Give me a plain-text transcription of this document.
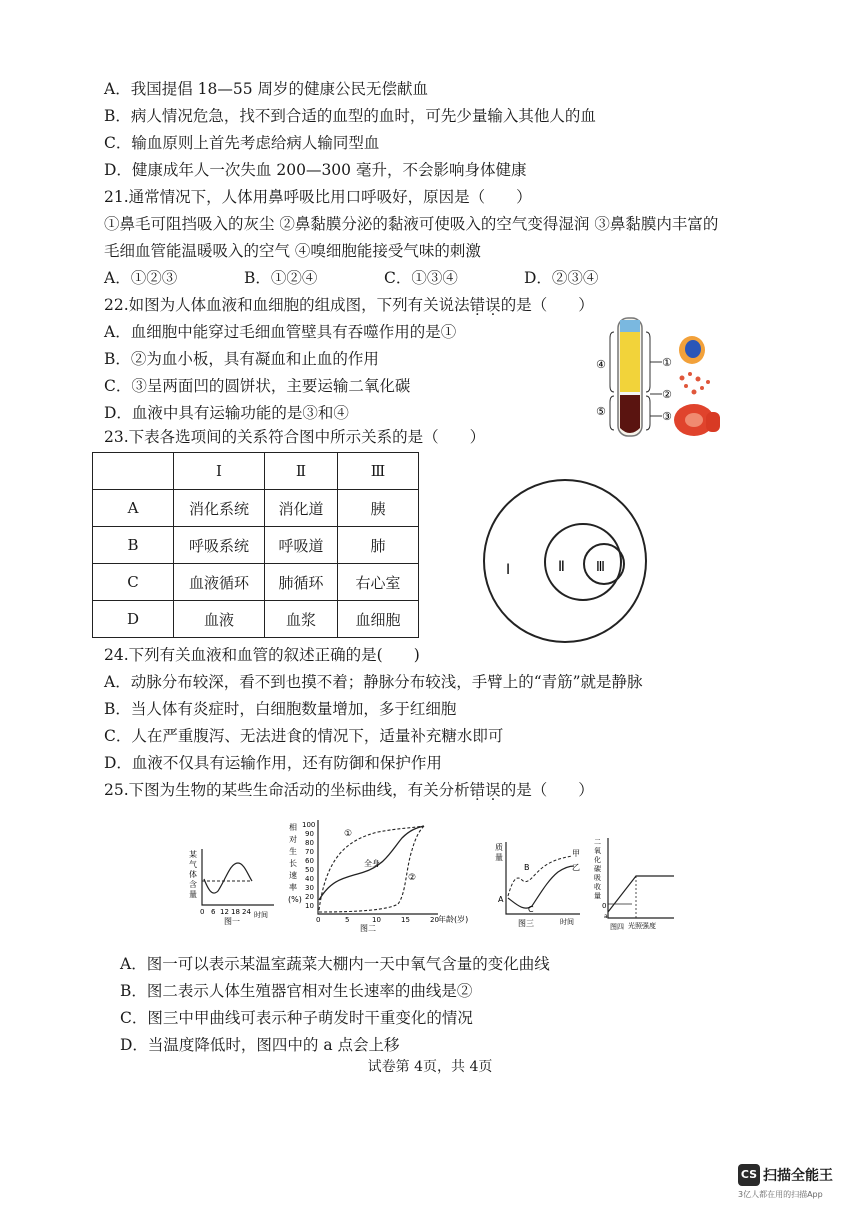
A．我国提倡 18—55 周岁的健康公民无偿献血
B．病人情况危急，找不到合适的血型的血时，可先少量输入其他人的血
C．输血原则上首先考虑给病人输同型血
D．健康成年人一次失血 200—300 毫升，不会影响身体健康
21.通常情况下，人体用鼻呼吸比用口呼吸好，原因是（　　）
①鼻毛可阻挡吸入的灰尘 ②鼻黏膜分泌的黏液可使吸入的空气变得湿润 ③鼻黏膜内丰富的
毛细血管能温暖吸入的空气 ④嗅细胞能接受气味的刺激
A．①②③	B．①②④	C．①③④	D．②③④
22.如图为人体血液和血细胞的组成图，下列有关说法错误的是（　　）
A．血细胞中能穿过毛细血管壁具有吞噬作用的是①
B．②为血小板，具有凝血和止血的作用
C．③呈两面凹的圆饼状，主要运输二氧化碳
D．血液中具有运输功能的是③和④
④
⑤
①
②
③
23.下表各选项间的关系符合图中所示关系的是（　　）
	Ⅰ	Ⅱ	Ⅲ
A	消化系统	消化道	胰
B	呼吸系统	呼吸道	肺
C	血液循环	肺循环	右心室
D	血液	血浆	血细胞
Ⅰ	Ⅱ Ⅲ
24.下列有关血液和血管的叙述正确的是(　　)
A．动脉分布较深，看不到也摸不着；静脉分布较浅，手臂上的“青筋”就是静脉
B．当人体有炎症时，白细胞数量增加，多于红细胞
C．人在严重腹泻、无法进食的情况下，适量补充糖水即可
D．血液不仅具有运输作用，还有防御和保护作用
25.下图为生物的某些生命活动的坐标曲线，有关分析错误的是（　　）
某
气
体
含
量
0 6 12 18 24 时间
图一
相
对
生
长
速
率
(%)
100
90
80
70
60
50
40
30
20
10
①
全身
②
0	5	10	15	20 年龄(岁)
图二
质
量
B
甲
乙
A
C
时间
图三
二
氧
化
碳
吸
收
量
0
a
光照强度
图四
A．图一可以表示某温室蔬菜大棚内一天中氧气含量的变化曲线
B．图二表示人体生殖器官相对生长速率的曲线是②
C．图三中甲曲线可表示种子萌发时干重变化的情况
D．当温度降低时，图四中的 a 点会上移
试卷第 4页，共 4页
CS 扫描全能王
3亿人都在用的扫描App
